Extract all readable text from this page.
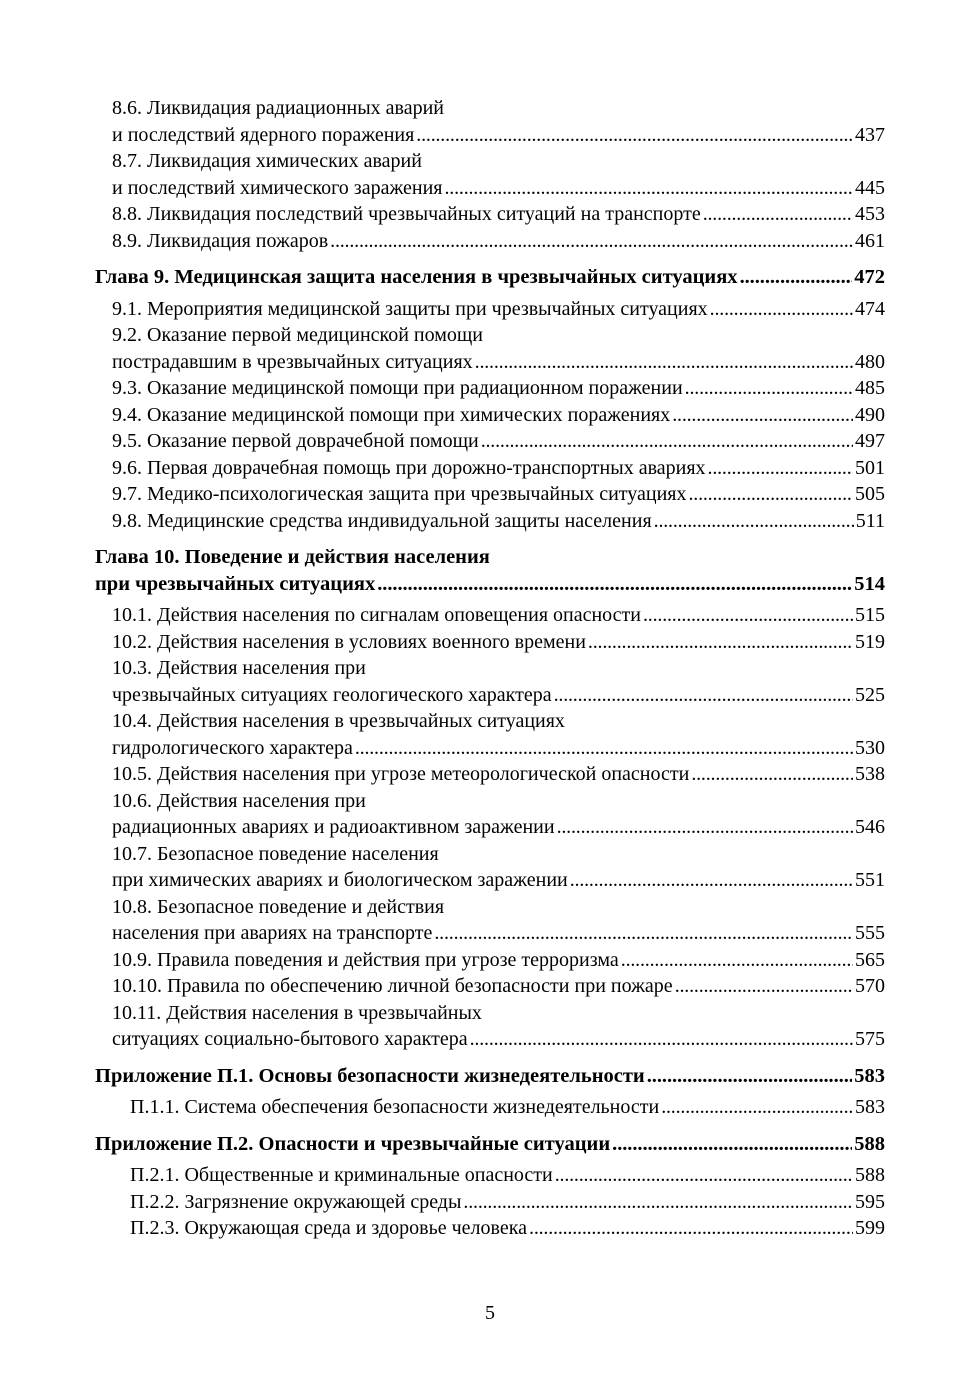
8.6. Ликвидация радиационных аварий
и последствий ядерного поражения . . .	437
8.7. Ликвидация химических аварий
и последствий химического заражения . . .	445
8.8. Ликвидация последствий чрезвычайных ситуаций на транспорте . . .	453
8.9. Ликвидация пожаров . . .	461
Глава 9. Медицинская защита населения в чрезвычайных ситуациях . . .	472
9.1. Мероприятия медицинской защиты при чрезвычайных ситуациях . . .	474
9.2. Оказание первой медицинской помощи
пострадавшим в чрезвычайных ситуациях . . .	480
9.3. Оказание медицинской помощи при радиационном поражении . . .	485
9.4. Оказание медицинской помощи при химических поражениях . . .	490
9.5. Оказание первой доврачебной помощи . . .	497
9.6. Первая доврачебная помощь при дорожно-транспортных авариях . . .	501
9.7. Медико-психологическая защита при чрезвычайных ситуациях . . .	505
9.8. Медицинские средства индивидуальной защиты населения . . .	511
Глава 10. Поведение и действия населения
при чрезвычайных ситуациях . . .	514
10.1. Действия населения по сигналам оповещения опасности . . .	515
10.2. Действия населения в условиях военного времени . . .	519
10.3. Действия населения при
чрезвычайных ситуациях геологического характера . . .	525
10.4. Действия населения в чрезвычайных ситуациях
гидрологического характера . . .	530
10.5. Действия населения при угрозе метеорологической опасности . . .	538
10.6. Действия населения при
радиационных авариях и радиоактивном заражении . . .	546
10.7. Безопасное поведение населения
при химических авариях и биологическом заражении . . .	551
10.8. Безопасное поведение и действия
населения при авариях на транспорте . . .	555
10.9. Правила поведения и действия при угрозе терроризма . . .	565
10.10. Правила по обеспечению личной безопасности при пожаре . . .	570
10.11. Действия населения в чрезвычайных
ситуациях социально-бытового характера . . .	575
Приложение П.1. Основы безопасности жизнедеятельности . . .	583
П.1.1. Система обеспечения безопасности жизнедеятельности . . .	583
Приложение П.2. Опасности и чрезвычайные ситуации . . .	588
П.2.1. Общественные и криминальные опасности . . .	588
П.2.2. Загрязнение окружающей среды . . .	595
П.2.3. Окружающая среда и здоровье человека . . .	599
5
